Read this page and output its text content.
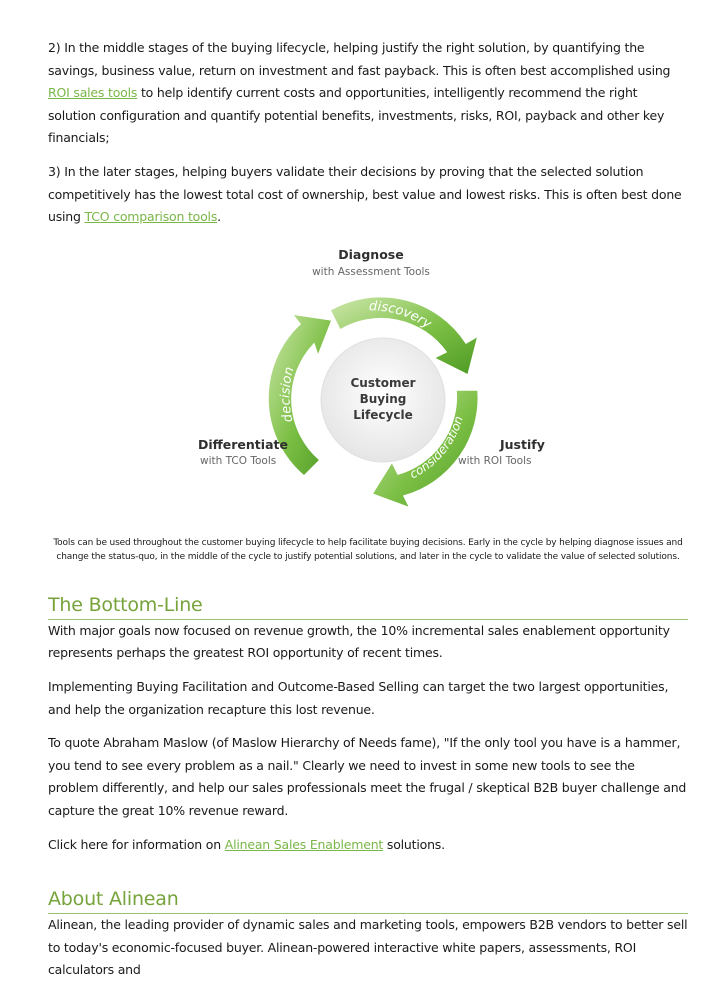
2) In the middle stages of the buying lifecycle, helping justify the right solution, by quantifying the savings, business value, return on investment and fast payback. This is often best accomplished using ROI sales tools to help identify current costs and opportunities, intelligently recommend the right solution configuration and quantify potential benefits, investments, risks, ROI, payback and other key financials;

3) In the later stages, helping buyers validate their decisions by proving that the selected solution competitively has the lowest total cost of ownership, best value and lowest risks. This is often best done using TCO comparison tools.

Customer
Buying
Lifecycle
discovery
consideration
decision
Diagnose
with Assessment Tools
Justify
with ROI Tools
Differentiate
with TCO Tools

Tools can be used throughout the customer buying lifecycle to help facilitate buying decisions. Early in the cycle by helping diagnose issues and change the status-quo, in the middle of the cycle to justify potential solutions, and later in the cycle to validate the value of selected solutions.

The Bottom-Line

With major goals now focused on revenue growth, the 10% incremental sales enablement opportunity represents perhaps the greatest ROI opportunity of recent times.

Implementing Buying Facilitation and Outcome-Based Selling can target the two largest opportunities, and help the organization recapture this lost revenue.

To quote Abraham Maslow (of Maslow Hierarchy of Needs fame), "If the only tool you have is a hammer, you tend to see every problem as a nail." Clearly we need to invest in some new tools to see the problem differently, and help our sales professionals meet the frugal / skeptical B2B buyer challenge and capture the great 10% revenue reward.

Click here for information on Alinean Sales Enablement solutions.

About Alinean

Alinean, the leading provider of dynamic sales and marketing tools, empowers B2B vendors to better sell to today's economic-focused buyer. Alinean-powered interactive white papers, assessments, ROI calculators and
